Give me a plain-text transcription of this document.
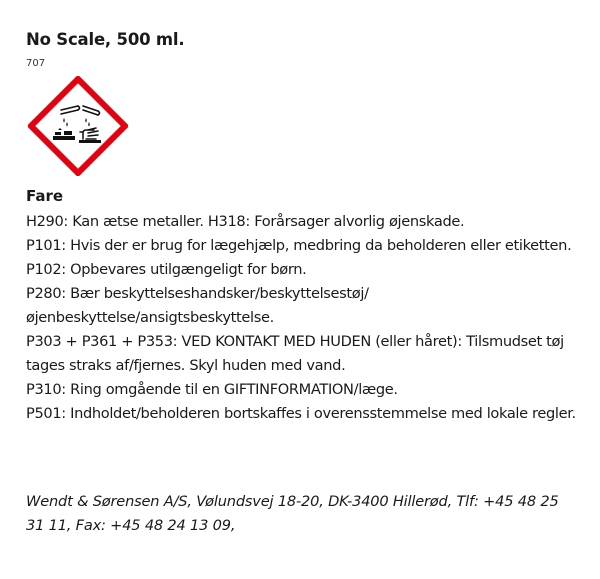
No Scale, 500 ml.
707
Fare

H290: Kan ætse metaller. H318: Forårsager alvorlig øjenskade.

P101: Hvis der er brug for lægehjælp, medbring da beholderen eller etiketten.

P102: Opbevares utilgængeligt for børn.

P280: Bær beskyttelseshandsker/beskyttelsestøj/ øjenbeskyttelse/ansigtsbeskyttelse.

P303 + P361 + P353: VED KONTAKT MED HUDEN (eller håret): Tilsmudset tøj tages straks af/fjernes. Skyl huden med vand.

P310: Ring omgående til en GIFTINFORMATION/læge.

P501: Indholdet/beholderen bortskaffes i overensstemmelse med lokale regler.

Wendt & Sørensen A/S, Vølundsvej 18-20, DK-3400 Hillerød, Tlf: +45 48 25 31 11, Fax: +45 48 24 13 09,
